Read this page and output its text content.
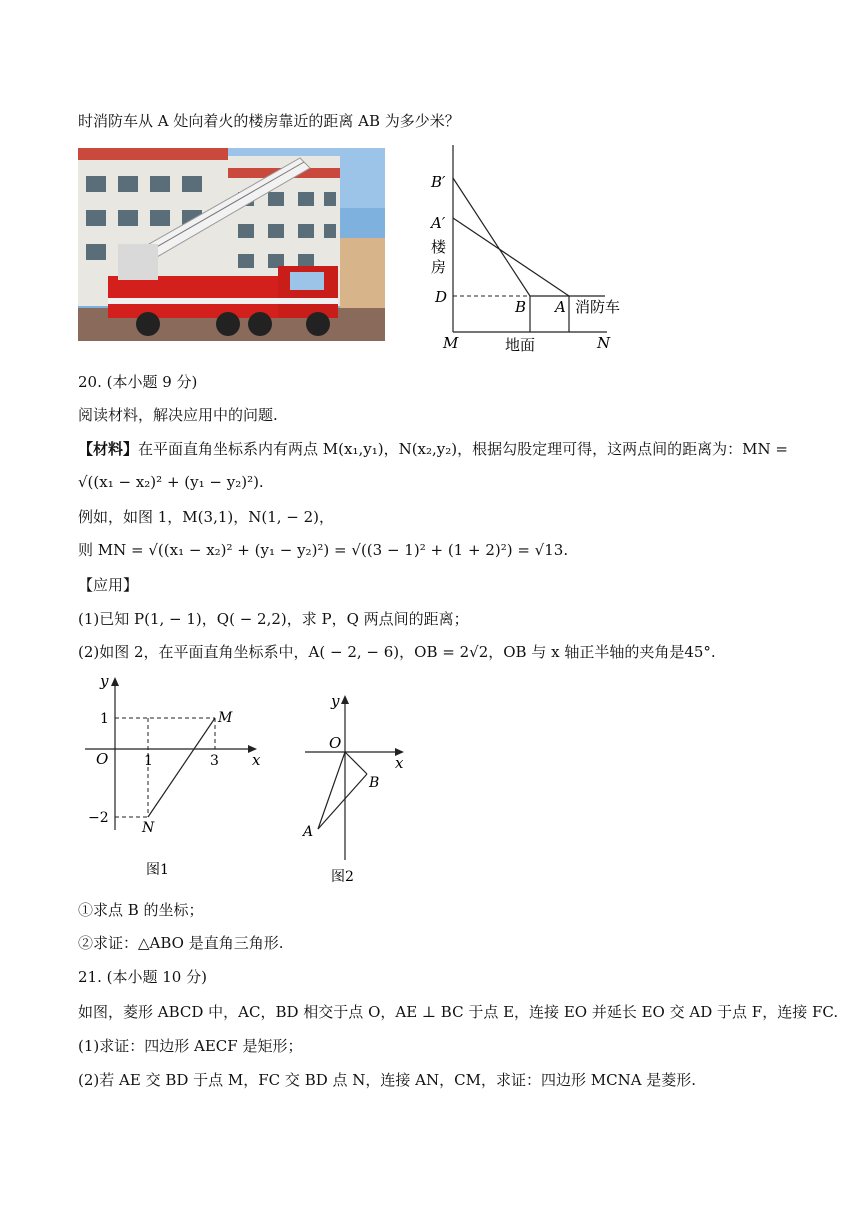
时消防车从 A 处向着火的楼房靠近的距离 AB 为多少米？
B′
A′
楼
房
D
B A 消防车
M	地面	N
20. (本小题 9 分)
阅读材料，解决应用中的问题.
【材料】在平面直角坐标系内有两点 M(x₁,y₁)，N(x₂,y₂)，根据勾股定理可得，这两点间的距离为：MN =
√((x₁ − x₂)² + (y₁ − y₂)²).
例如，如图 1，M(3,1)，N(1, − 2)，
则 MN = √((x₁ − x₂)² + (y₁ − y₂)²) = √((3 − 1)² + (1 + 2)²) = √13.
【应用】
(1)已知 P(1, − 1)，Q( − 2,2)，求 P，Q 两点间的距离；
(2)如图 2，在平面直角坐标系中，A( − 2, − 6)，OB = 2√2，OB 与 x 轴正半轴的夹角是45°.
y
x
O
1
−2
1	3
M
N
图1
y
x
O
B
A
图2
①求点 B 的坐标；
②求证：△ABO 是直角三角形.
21. (本小题 10 分)
如图，菱形 ABCD 中，AC，BD 相交于点 O，AE ⊥ BC 于点 E，连接 EO 并延长 EO 交 AD 于点 F，连接 FC.
(1)求证：四边形 AECF 是矩形；
(2)若 AE 交 BD 于点 M，FC 交 BD 点 N，连接 AN，CM，求证：四边形 MCNA 是菱形.
